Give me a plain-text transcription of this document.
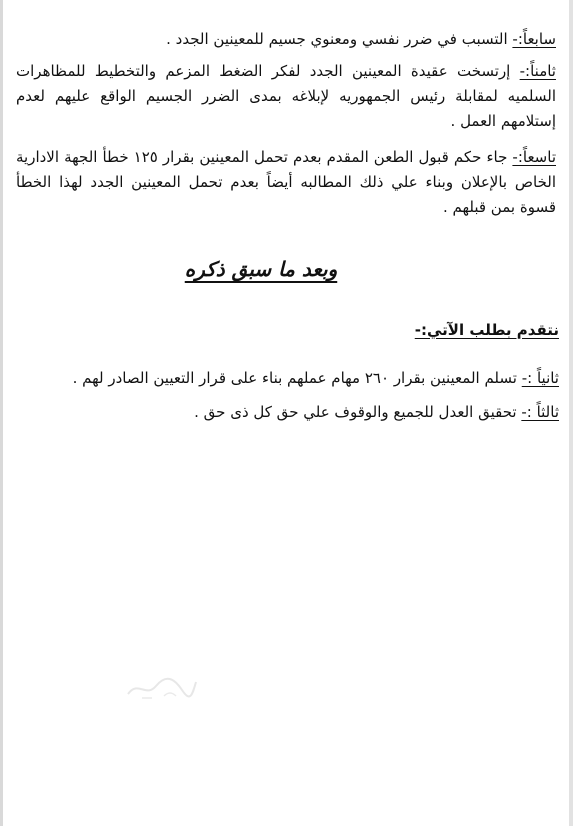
سابعاً:- التسبب في ضرر نفسي ومعنوي جسيم للمعينين الجدد .
ثامناً:- إرتسخت عقيدة المعينين الجدد لفكر الضغط المزعم والتخطيط للمظاهرات السلميه لمقابلة رئيس الجمهوريه لإبلاغه بمدى الضرر الجسيم الواقع عليهم لعدم إستلامهم العمل .
تاسعاً:- جاء حكم قبول الطعن المقدم بعدم تحمل المعينين بقرار ١٢٥ خطأ الجهة الادارية الخاص بالإعلان وبناء علي ذلك المطالبه أيضاً بعدم تحمل المعينين الجدد لهذا الخطأ قسوة بمن قبلهم .
وبعد ما سبق ذكره
نتقدم بطلب الآتي:-
ثانياً :- تسلم المعينين بقرار ٢٦٠ مهام عملهم بناء على قرار التعيين الصادر لهم .
ثالثاً :- تحقيق العدل للجميع والوقوف علي حق كل ذى حق .
